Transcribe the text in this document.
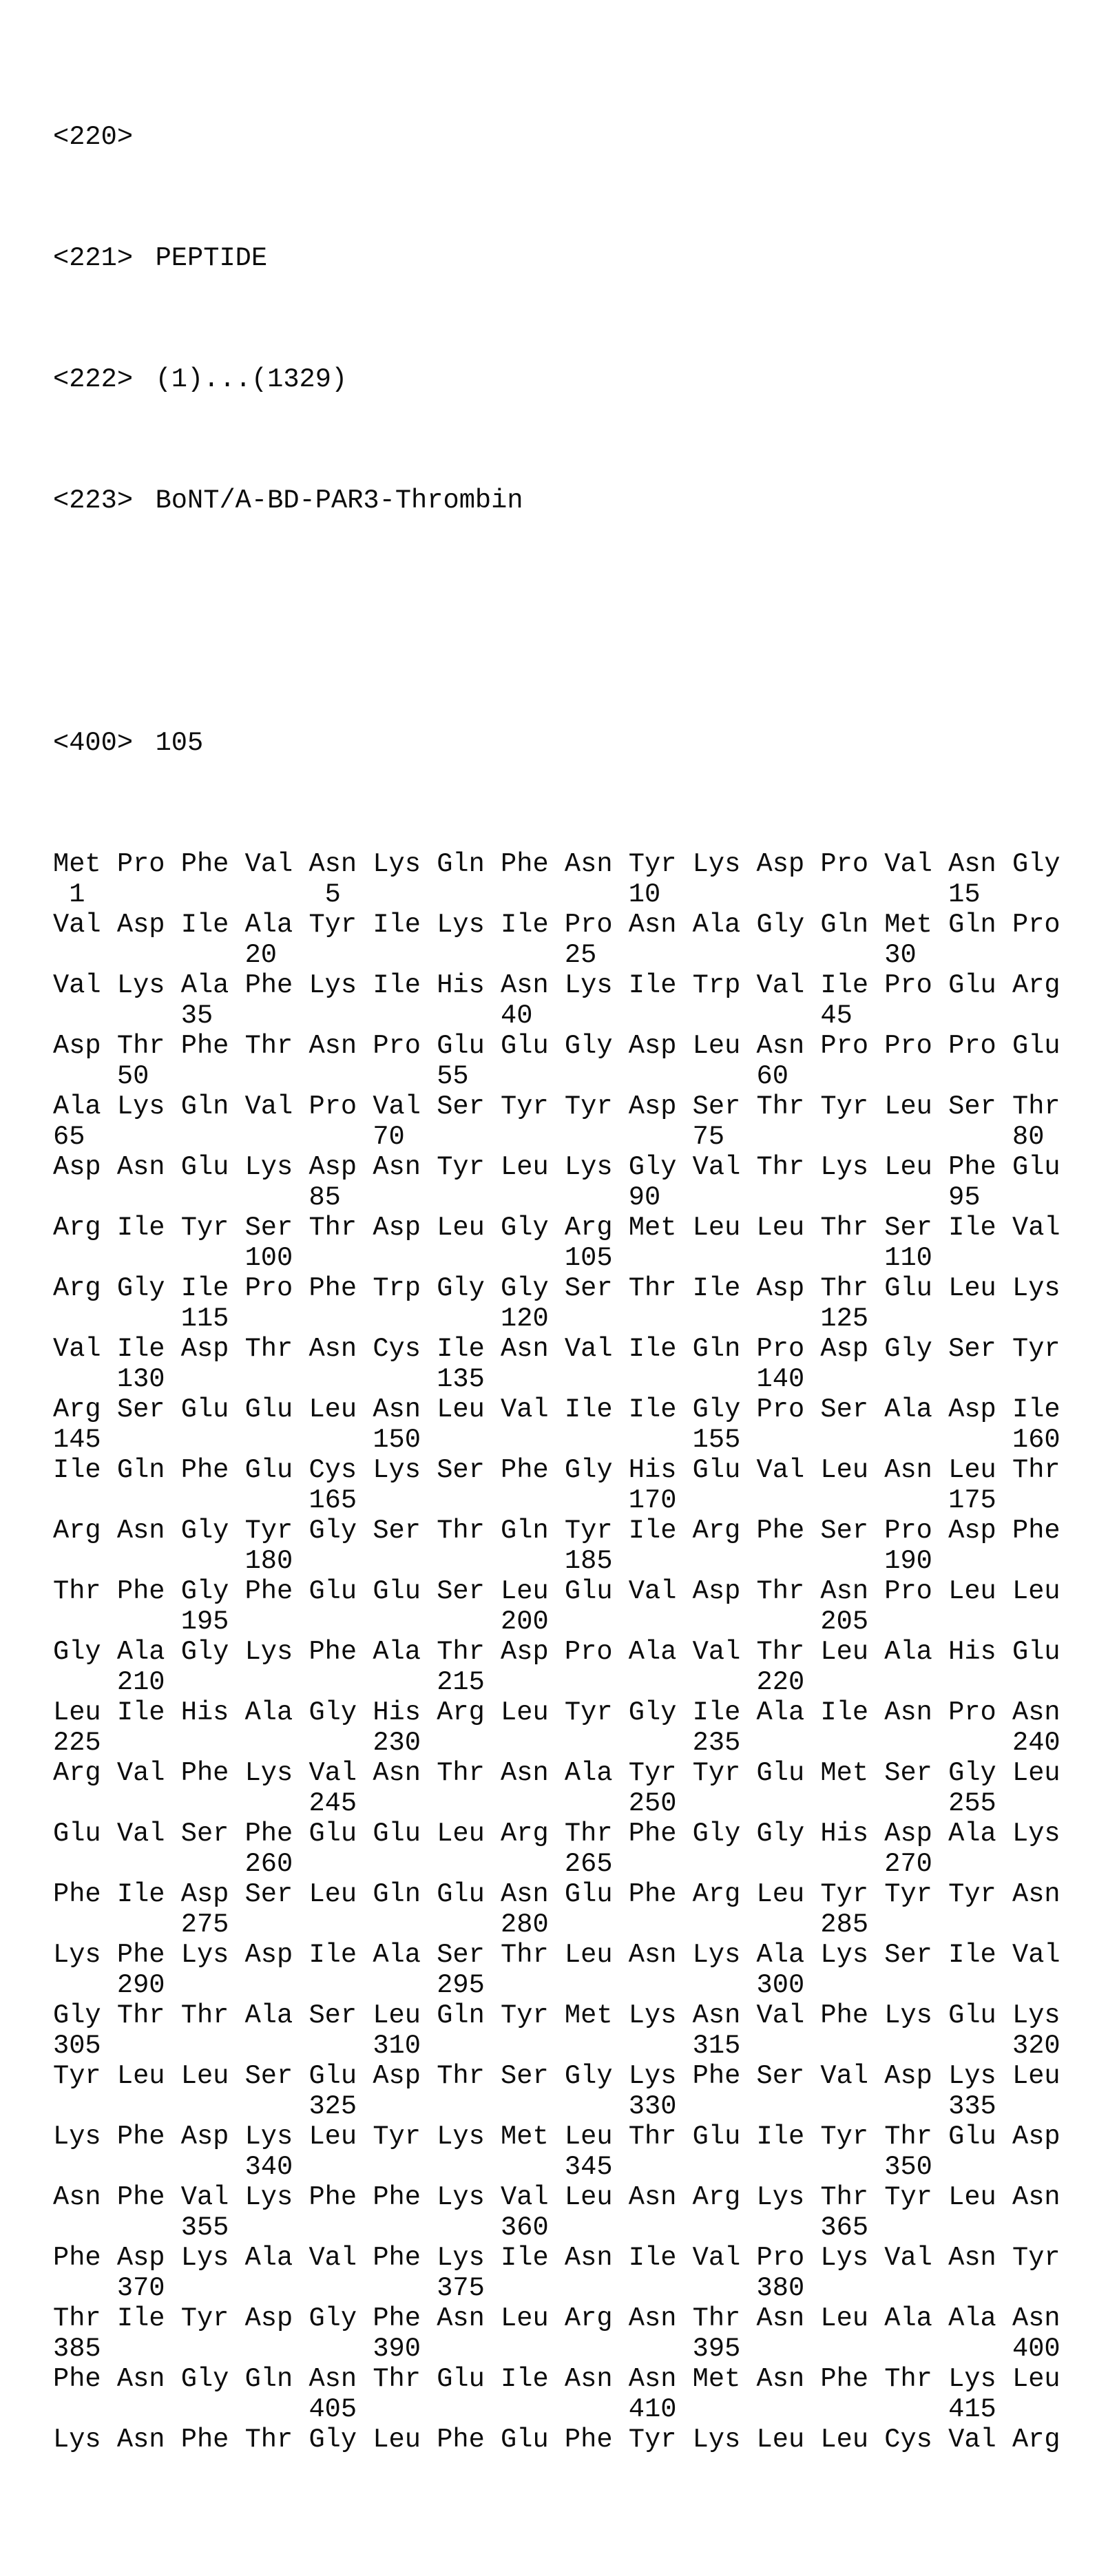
<220>

<221> PEPTIDE

<222> (1)...(1329)

<223> BoNT/A-BD-PAR3-Thrombin

<400> 105

Met Pro Phe Val Asn Lys Gln Phe Asn Tyr Lys Asp Pro Val Asn Gly
1               5                  10                  15
Val Asp Ile Ala Tyr Ile Lys Ile Pro Asn Ala Gly Gln Met Gln Pro
20                  25                  30
Val Lys Ala Phe Lys Ile His Asn Lys Ile Trp Val Ile Pro Glu Arg
35                  40                  45
Asp Thr Phe Thr Asn Pro Glu Glu Gly Asp Leu Asn Pro Pro Pro Glu
50                  55                  60
Ala Lys Gln Val Pro Val Ser Tyr Tyr Asp Ser Thr Tyr Leu Ser Thr
65                  70                  75                  80
Asp Asn Glu Lys Asp Asn Tyr Leu Lys Gly Val Thr Lys Leu Phe Glu
85                  90                  95
Arg Ile Tyr Ser Thr Asp Leu Gly Arg Met Leu Leu Thr Ser Ile Val
100                 105                 110
Arg Gly Ile Pro Phe Trp Gly Gly Ser Thr Ile Asp Thr Glu Leu Lys
115                 120                 125
Val Ile Asp Thr Asn Cys Ile Asn Val Ile Gln Pro Asp Gly Ser Tyr
130                 135                 140
Arg Ser Glu Glu Leu Asn Leu Val Ile Ile Gly Pro Ser Ala Asp Ile
145                 150                 155                 160
Ile Gln Phe Glu Cys Lys Ser Phe Gly His Glu Val Leu Asn Leu Thr
165                 170                 175
Arg Asn Gly Tyr Gly Ser Thr Gln Tyr Ile Arg Phe Ser Pro Asp Phe
180                 185                 190
Thr Phe Gly Phe Glu Glu Ser Leu Glu Val Asp Thr Asn Pro Leu Leu
195                 200                 205
Gly Ala Gly Lys Phe Ala Thr Asp Pro Ala Val Thr Leu Ala His Glu
210                 215                 220
Leu Ile His Ala Gly His Arg Leu Tyr Gly Ile Ala Ile Asn Pro Asn
225                 230                 235                 240
Arg Val Phe Lys Val Asn Thr Asn Ala Tyr Tyr Glu Met Ser Gly Leu
245                 250                 255
Glu Val Ser Phe Glu Glu Leu Arg Thr Phe Gly Gly His Asp Ala Lys
260                 265                 270
Phe Ile Asp Ser Leu Gln Glu Asn Glu Phe Arg Leu Tyr Tyr Tyr Asn
275                 280                 285
Lys Phe Lys Asp Ile Ala Ser Thr Leu Asn Lys Ala Lys Ser Ile Val
290                 295                 300
Gly Thr Thr Ala Ser Leu Gln Tyr Met Lys Asn Val Phe Lys Glu Lys
305                 310                 315                 320
Tyr Leu Leu Ser Glu Asp Thr Ser Gly Lys Phe Ser Val Asp Lys Leu
325                 330                 335
Lys Phe Asp Lys Leu Tyr Lys Met Leu Thr Glu Ile Tyr Thr Glu Asp
340                 345                 350
Asn Phe Val Lys Phe Phe Lys Val Leu Asn Arg Lys Thr Tyr Leu Asn
355                 360                 365
Phe Asp Lys Ala Val Phe Lys Ile Asn Ile Val Pro Lys Val Asn Tyr
370                 375                 380
Thr Ile Tyr Asp Gly Phe Asn Leu Arg Asn Thr Asn Leu Ala Ala Asn
385                 390                 395                 400
Phe Asn Gly Gln Asn Thr Glu Ile Asn Asn Met Asn Phe Thr Lys Leu
405                 410                 415
Lys Asn Phe Thr Gly Leu Phe Glu Phe Tyr Lys Leu Leu Cys Val Arg
